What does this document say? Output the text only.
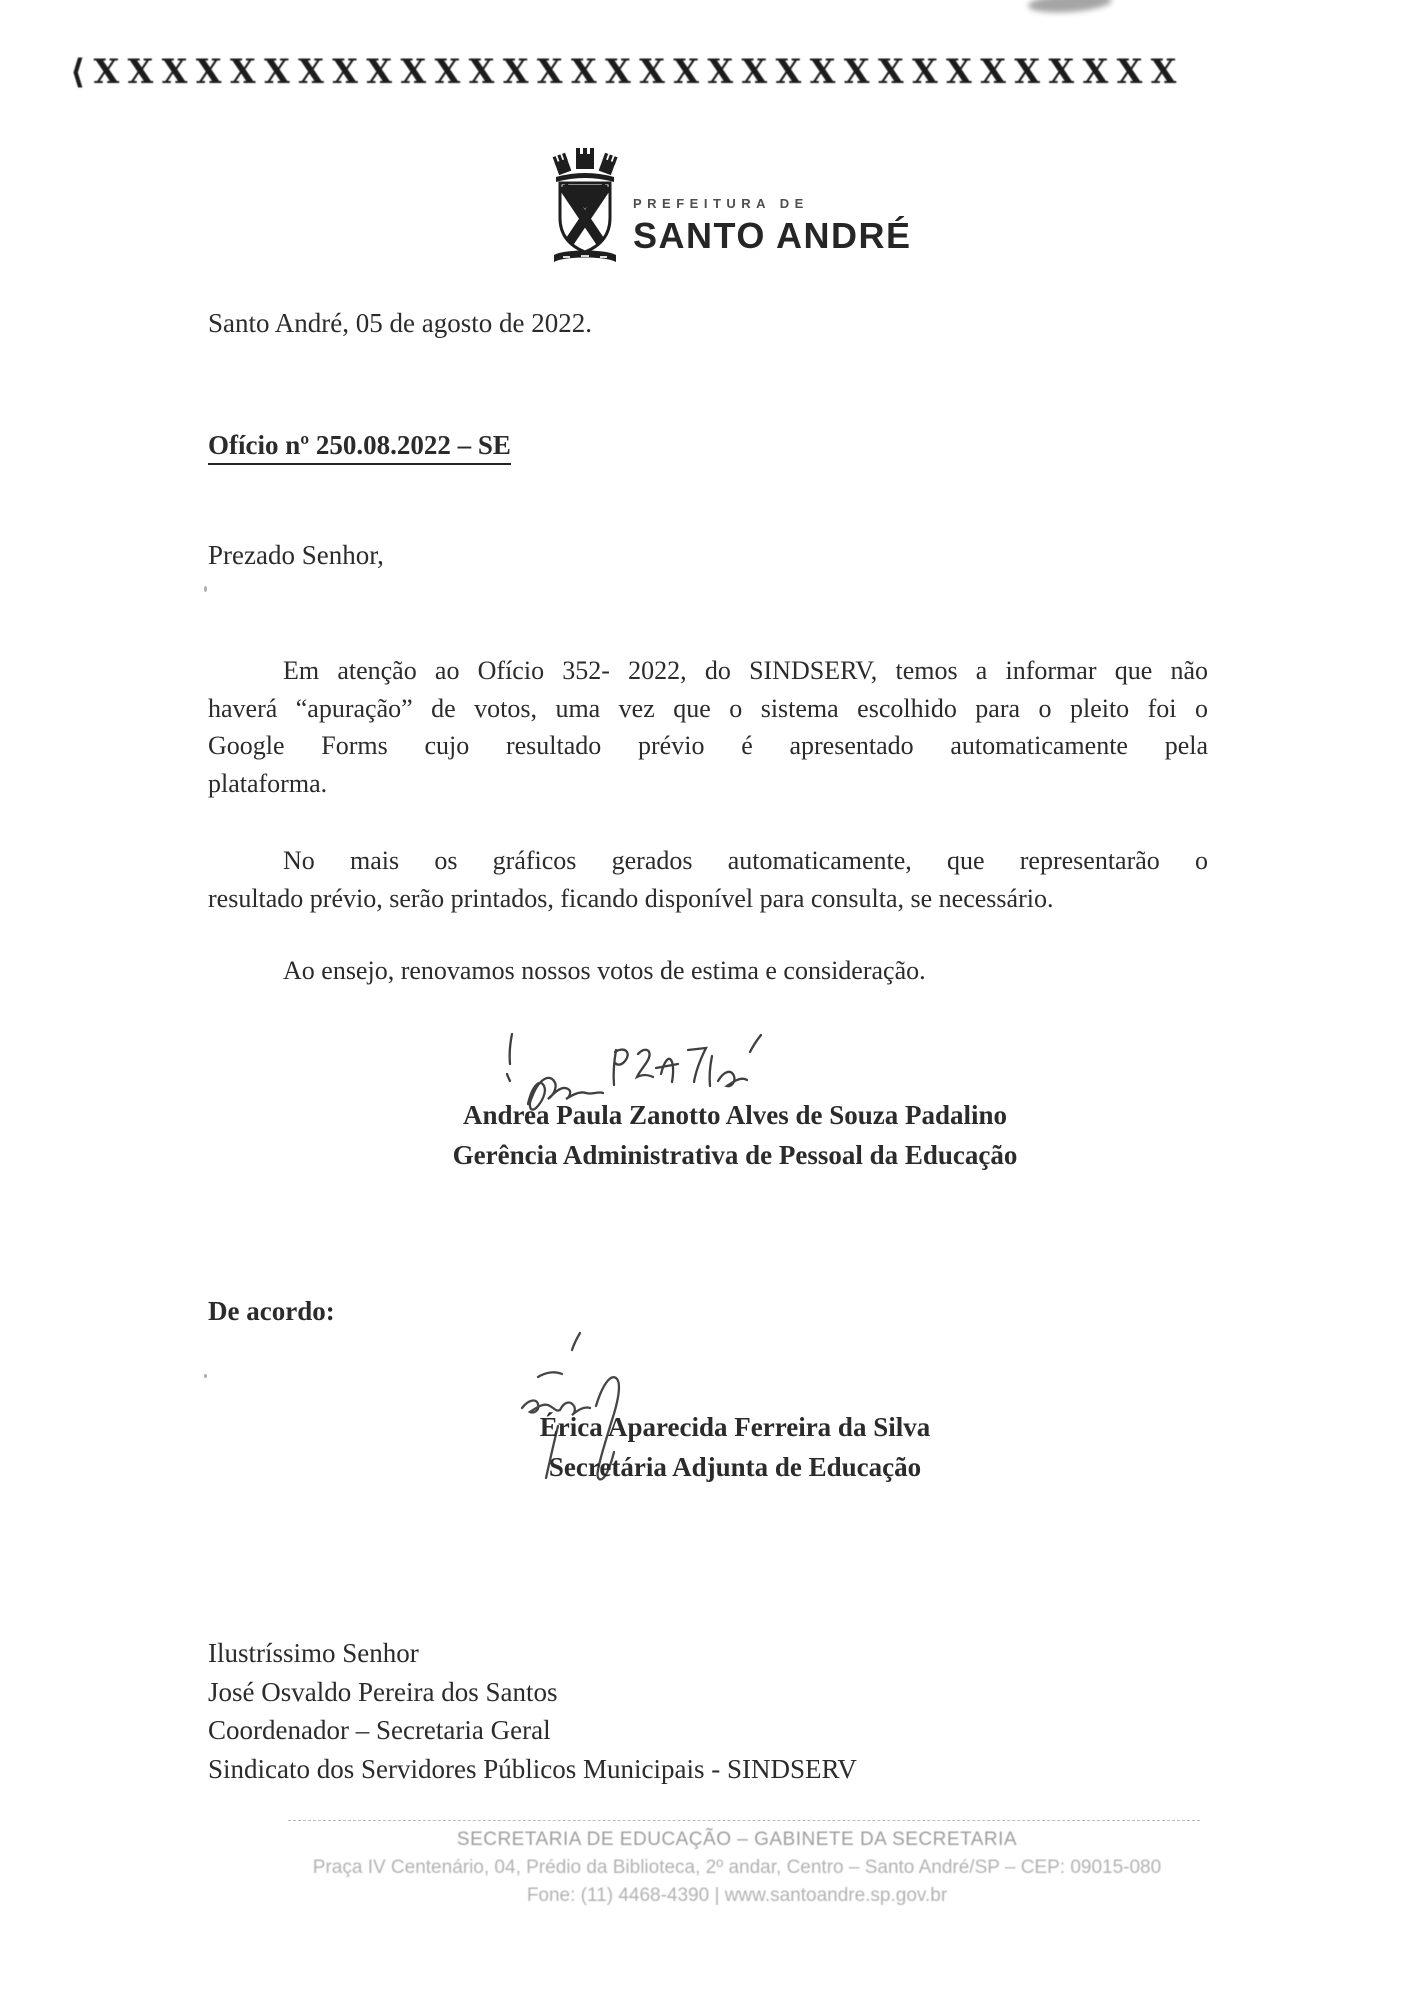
⟨XXXXXXXXXXXXXXXXXXXXXXXXXXXXXXXX
PREFEITURA DE
SANTO ANDRÉ
Santo André, 05 de agosto de 2022.
Ofício nº 250.08.2022 – SE
Prezado Senhor,
Em atenção ao Ofício 352- 2022, do SINDSERV, temos a informar que não
haverá “apuração” de votos, uma vez que o sistema escolhido para o pleito foi o
Google Forms cujo resultado prévio é apresentado automaticamente pela
plataforma.
No mais os gráficos gerados automaticamente, que representarão o
resultado prévio, serão printados, ficando disponível para consulta, se necessário.
Ao ensejo, renovamos nossos votos de estima e consideração.
Andrea Paula Zanotto Alves de Souza Padalino
Gerência Administrativa de Pessoal da Educação
De acordo:
Érica Aparecida Ferreira da Silva
Secretária Adjunta de Educação
Ilustríssimo Senhor
José Osvaldo Pereira dos Santos
Coordenador – Secretaria Geral
Sindicato dos Servidores Públicos Municipais - SINDSERV
SECRETARIA DE EDUCAÇÃO – GABINETE DA SECRETARIA
Praça IV Centenário, 04, Prédio da Biblioteca, 2º andar, Centro – Santo André/SP – CEP: 09015-080
Fone: (11) 4468-4390 | www.santoandre.sp.gov.br
